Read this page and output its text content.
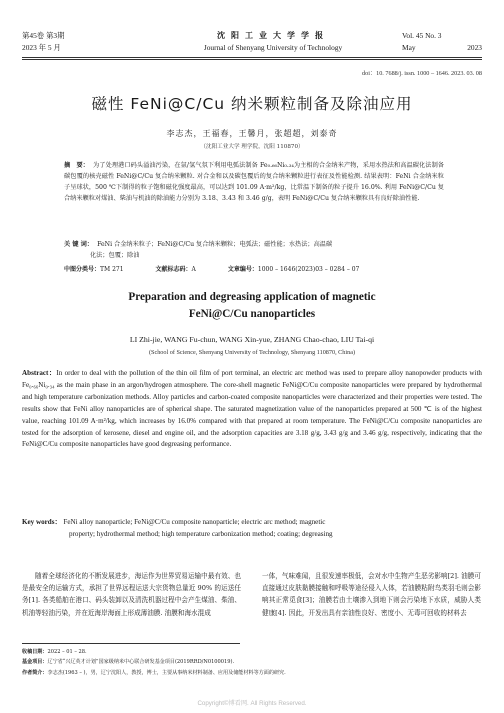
第45卷 第3期
2023 年 5 月
沈阳工业大学学报
Journal of Shenyang University of Technology
Vol. 45 No. 3
May	2023
doi：10. 7688/j. issn. 1000 – 1646. 2023. 03. 08
磁性 FeNi@C/Cu 纳米颗粒制备及除油应用
李志杰，王福春，王馨月，张超超，刘泰奇
（沈阳工业大学 理学院，沈阳 110870）
摘　要： 为了处理港口码头溢油污染，在氩/氢气氛下利用电弧法制备 Fe₀.₆₆Ni₀.₃₄为主相的合金纳米产物，采用水热法和高温碳化法制备碳包覆的核壳磁性 FeNi@C/Cu 复合纳米颗粒. 对合金和以及碳包覆后的复合纳米颗粒进行表征及性能检测. 结果表明：FeNi 合金纳米粒子呈球状，500 ℃下制得的粒子饱和磁化强度最高，可以达到 101.09 A·m²/kg，比常温下制备的粒子提升 16.0%. 利用 FeNi@C/Cu 复合纳米颗粒对煤油、柴油与机油的除油能力分别为 3.18、3.43 和 3.46 g/g，表明 FeNi@C/Cu 复合纳米颗粒具有良好除油性能.
关 键 词： FeNi 合金纳米粒子；FeNi@C/Cu 复合纳米颗粒；电弧法；磁性能；水热法；高温碳
化法；包覆；除油
中图分类号：TM 271	文献标志码：A	文章编号：1000 – 1646(2023)03 – 0284 – 07
Preparation and degreasing application of magnetic
FeNi@C/Cu nanoparticles
LI Zhi-jie, WANG Fu-chun, WANG Xin-yue, ZHANG Chao-chao, LIU Tai-qi
(School of Science, Shenyang University of Technology, Shenyang 110870, China)
Abstract：In order to deal with the pollution of the thin oil film of port terminal, an electric arc method was used to prepare alloy nanopowder products with Fe₀.₆₆Ni₀.₃₄ as the main phase in an argon/hydrogen atmosphere. The core-shell magnetic FeNi@C/Cu composite nanoparticles were prepared by hydrothermal and high temperature carbonization methods. Alloy particles and carbon-coated composite nanoparticles were characterized and their properties were tested. The results show that FeNi alloy nanoparticles are of spherical shape. The saturated magnetization value of the nanoparticles prepared at 500 ℃ is of the highest value, reaching 101.09 A·m²/kg, which increases by 16.0% compared with that prepared at room temperature. The FeNi@C/Cu composite nanoparticles are tested for the adsorption of kerosene, diesel and engine oil, and the adsorption capacities are 3.18 g/g, 3.43 g/g and 3.46 g/g, respectively, indicating that the FeNi@C/Cu composite nanoparticles have good degreasing performance.
Key words： FeNi alloy nanoparticle; FeNi@C/Cu composite nanoparticle; electric arc method; magnetic
property; hydrothermal method; high temperature carbonization method; coating; degreasing
随着全球经济化的不断发展进步，海运作为世界贸易运输中最有效、也是最安全的运输方式，承担了世界远程运送大宗货物总量近 90% 的运送任务[1]. 各类船舶在港口、码头装卸以及清洗机器过程中会产生煤油、柴油、机油等轻油污染，并在近海岸海面上形成薄油膜. 油膜和海水混成
一体，气味难闻，且很发速率极低，会对水中生物产生恶劣影响[2]. 油膜可直接通过皮肤黏膜接触和呼吸等途径侵入人体，若油膜粘附鸟类羽毛则会影响其正常觅食[3]；油膜若由土壤渗入到地下则会污染地下水质，威胁人类健康[4]. 因此，开发出具有亲油性良好、密度小、无毒可回收的材料去
收稿日期：2022 – 01 – 28.
基金项目：辽宁省“兴辽英才计划”国家级纳米中心联合研发基金项目(2019RRD/N0100019).
作者简介：李志杰(1963 – )，男，辽宁沈阳人，教授，博士，主要从事纳米材料制备、应用及储能材料等方面的研究.
Copyright©博看网. All Rights Reserved.
